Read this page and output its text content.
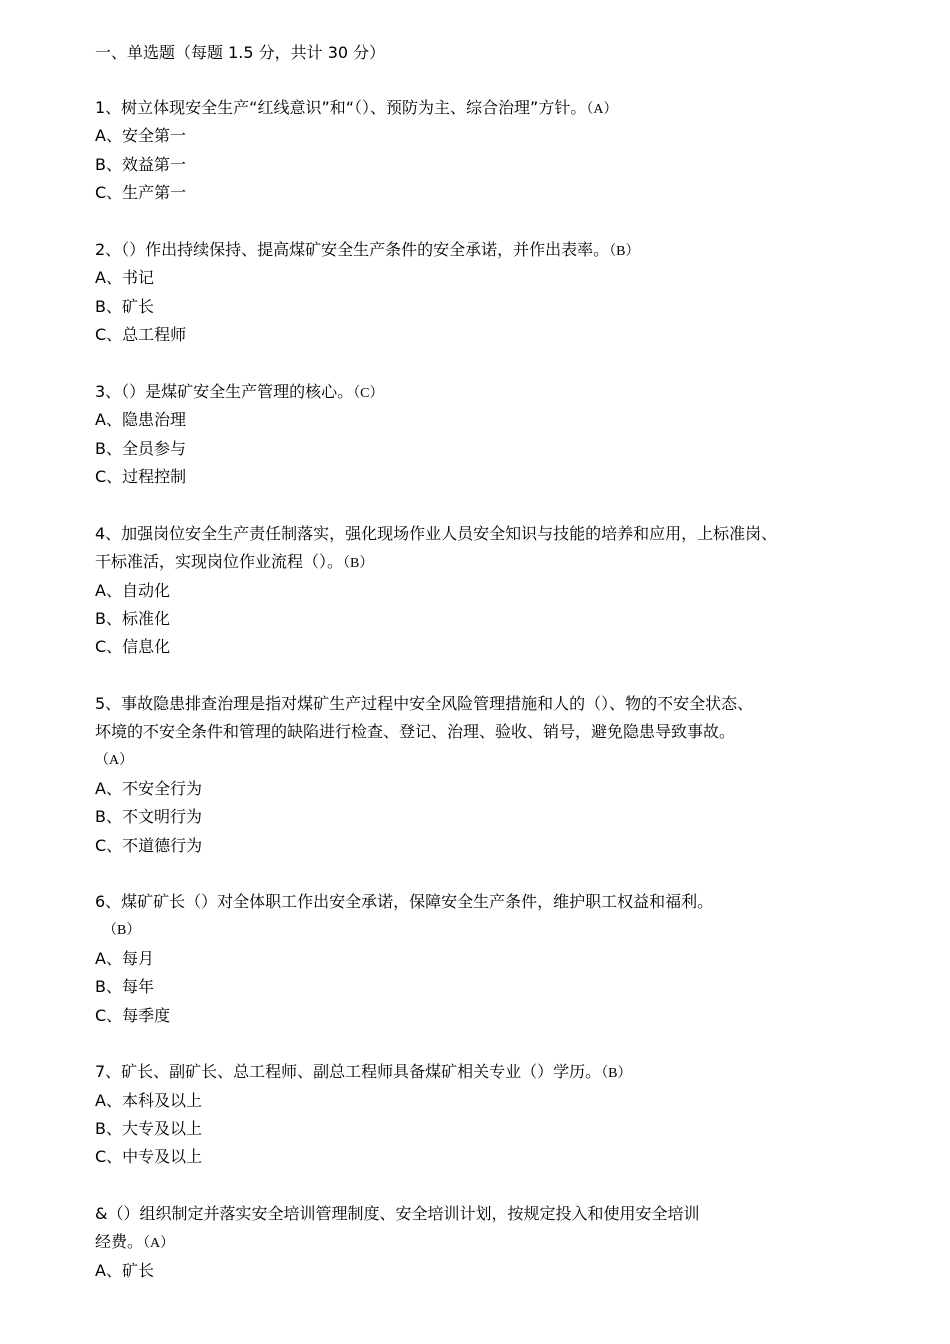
一、单选题（每题 1.5 分，共计 30 分）
1、树立体现安全生产“红线意识”和“（）、预防为主、综合治理”方针。（A）
A、安全第一
B、效益第一
C、生产第一
2、（）作出持续保持、提高煤矿安全生产条件的安全承诺，并作出表率。（B）
A、书记
B、矿长
C、总工程师
3、（）是煤矿安全生产管理的核心。（C）
A、隐患治理
B、全员参与
C、过程控制
4、加强岗位安全生产责任制落实，强化现场作业人员安全知识与技能的培养和应用，上标准岗、
干标准活，实现岗位作业流程（）。（B）
A、自动化
B、标准化
C、信息化
5、事故隐患排查治理是指对煤矿生产过程中安全风险管理措施和人的（）、物的不安全状态、
坏境的不安全条件和管理的缺陷进行检查、登记、治理、验收、销号，避免隐患导致事故。
（A）
A、不安全行为
B、不文明行为
C、不道德行为
6、煤矿矿长（）对全体职工作出安全承诺，保障安全生产条件，维护职工权益和福利。
（B）
A、每月
B、每年
C、每季度
7、矿长、副矿长、总工程师、副总工程师具备煤矿相关专业（）学历。（B）
A、本科及以上
B、大专及以上
C、中专及以上
&（）组织制定并落实安全培训管理制度、安全培训计划，按规定投入和使用安全培训
经费。（A）
A、矿长
